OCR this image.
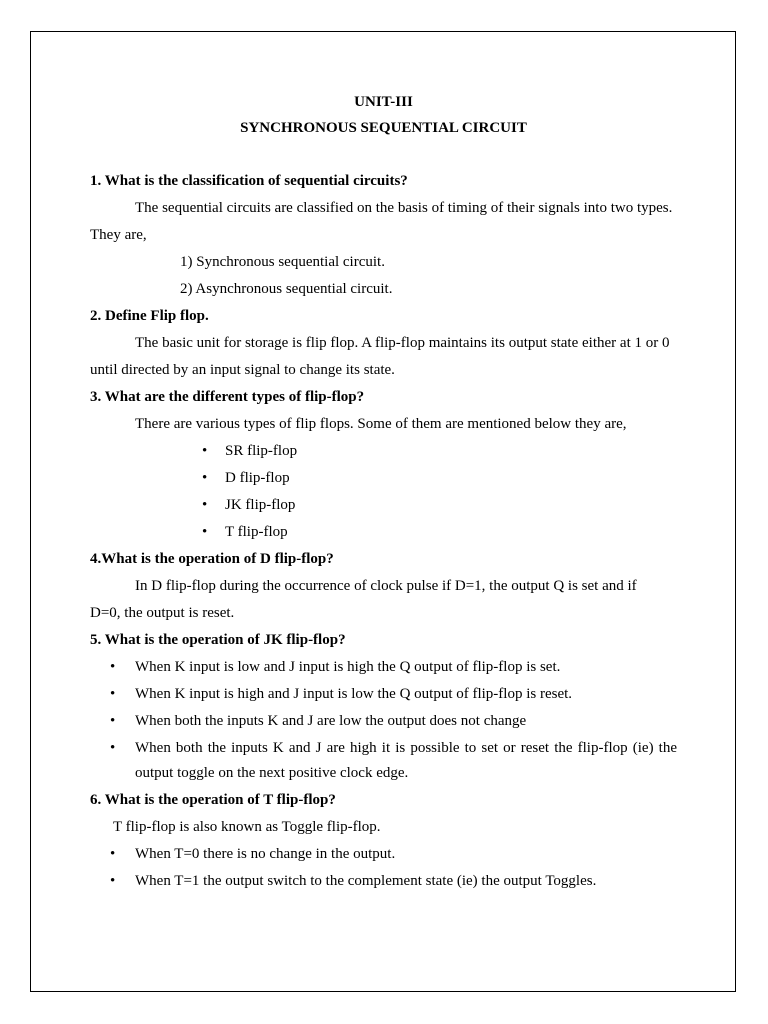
UNIT-III

SYNCHRONOUS SEQUENTIAL CIRCUIT

1. What is the classification of sequential circuits?

The sequential circuits are classified on the basis of timing of their signals into two types.

They are,

1) Synchronous sequential circuit.
2) Asynchronous sequential circuit.

2. Define Flip flop.

The basic unit for storage is flip flop. A flip-flop maintains its output state either at 1 or 0

until directed by an input signal to change its state.

3. What are the different types of flip-flop?

There are various types of flip flops. Some of them are mentioned below they are,

• SR flip-flop
• D flip-flop
• JK flip-flop
• T flip-flop

4.What is the operation of D flip-flop?

In D flip-flop during the occurrence of clock pulse if D=1, the output Q is set and if

D=0, the output is reset.

5. What is the operation of JK flip-flop?

• When K input is low and J input is high the Q output of flip-flop is set.
• When K input is high and J input is low the Q output of flip-flop is reset.
• When both the inputs K and J are low the output does not change
• When both the inputs K and J are high it is possible to set or reset the flip-flop (ie) the output toggle on the next positive clock edge.

6. What is the operation of T flip-flop?

T flip-flop is also known as Toggle flip-flop.

• When T=0 there is no change in the output.
• When T=1 the output switch to the complement state (ie) the output Toggles.
